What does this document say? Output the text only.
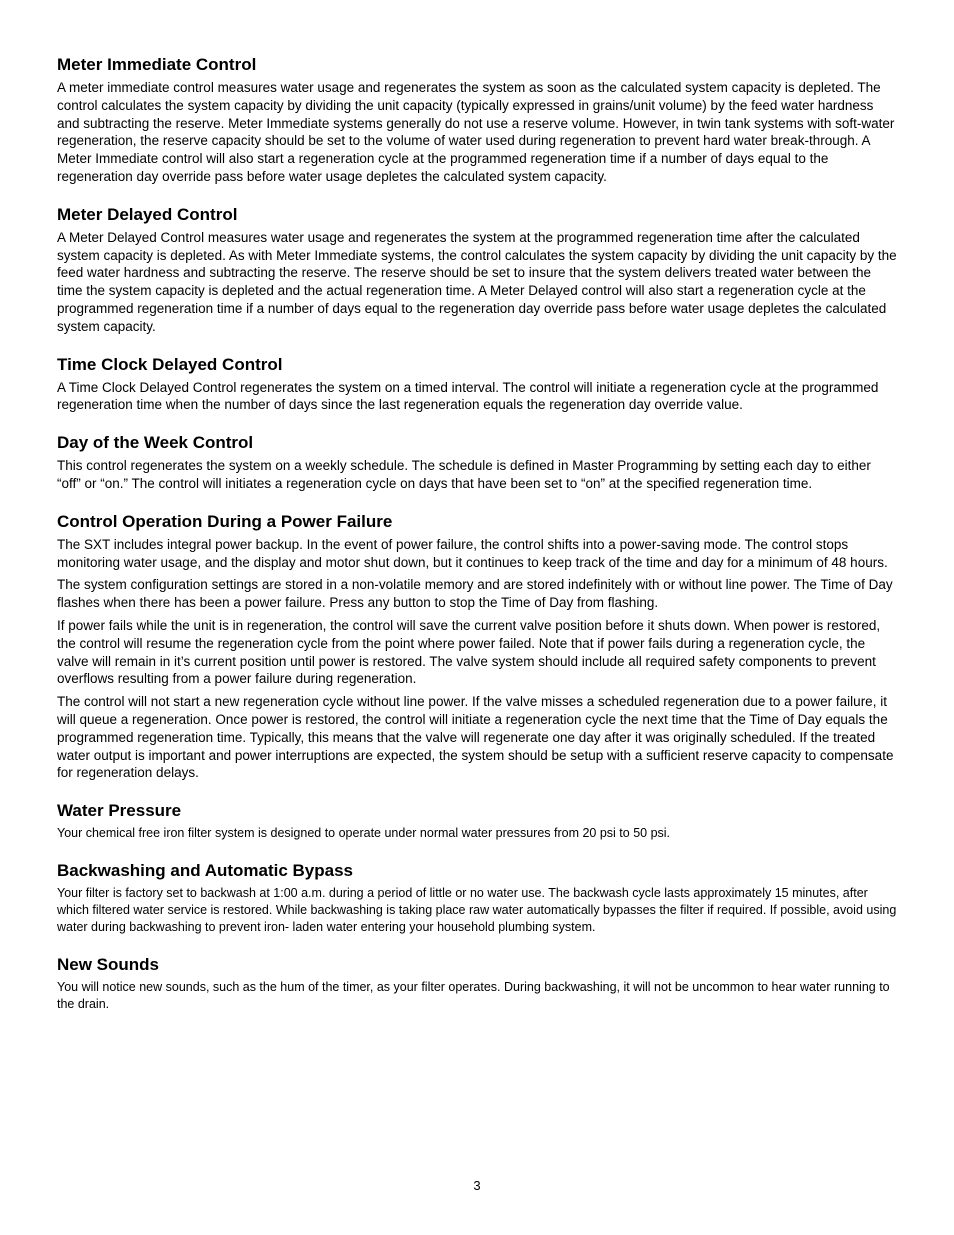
Meter Immediate Control

A meter immediate control measures water usage and regenerates the system as soon as the calculated system capacity is depleted. The control calculates the system capacity by dividing the unit capacity (typically expressed in grains/unit volume) by the feed water hardness and subtracting the reserve. Meter Immediate systems generally do not use a reserve volume. However, in twin tank systems with soft-water regeneration, the reserve capacity should be set to the volume of water used during regeneration to prevent hard water break-through. A Meter Immediate control will also start a regeneration cycle at the programmed regeneration time if a number of days equal to the regeneration day override pass before water usage depletes the calculated system capacity.

Meter Delayed Control

A Meter Delayed Control measures water usage and regenerates the system at the programmed regeneration time after the calculated system capacity is depleted. As with Meter Immediate systems, the control calculates the system capacity by dividing the unit capacity by the feed water hardness and subtracting the reserve. The reserve should be set to insure that the system delivers treated water between the time the system capacity is depleted and the actual regeneration time. A Meter Delayed control will also start a regeneration cycle at the programmed regeneration time if a number of days equal to the regeneration day override pass before water usage depletes the calculated system capacity.

Time Clock Delayed Control

A Time Clock Delayed Control regenerates the system on a timed interval. The control will initiate a regeneration cycle at the programmed regeneration time when the number of days since the last regeneration equals the regeneration day override value.

Day of the Week Control

This control regenerates the system on a weekly schedule. The schedule is defined in Master Programming by setting each day to either “off” or “on.” The control will initiates a regeneration cycle on days that have been set to “on” at the specified regeneration time.

Control Operation During a Power Failure

The SXT includes integral power backup. In the event of power failure, the control shifts into a power-saving mode. The control stops monitoring water usage, and the display and motor shut down, but it continues to keep track of the time and day for a minimum of 48 hours.

The system configuration settings are stored in a non-volatile memory and are stored indefinitely with or without line power. The Time of Day flashes when there has been a power failure. Press any button to stop the Time of Day from flashing.

If power fails while the unit is in regeneration, the control will save the current valve position before it shuts down. When power is restored, the control will resume the regeneration cycle from the point where power failed. Note that if power fails during a regeneration cycle, the valve will remain in it’s current position until power is restored. The valve system should include all required safety components to prevent overflows resulting from a power failure during regeneration.

The control will not start a new regeneration cycle without line power. If the valve misses a scheduled regeneration due to a power failure, it will queue a regeneration. Once power is restored, the control will initiate a regeneration cycle the next time that the Time of Day equals the programmed regeneration time. Typically, this means that the valve will regenerate one day after it was originally scheduled. If the treated water output is important and power interruptions are expected, the system should be setup with a sufficient reserve capacity to compensate for regeneration delays.

Water Pressure

Your chemical free iron filter system is designed to operate under normal water pressures from 20 psi to 50 psi.

Backwashing and Automatic Bypass

Your filter is factory set to backwash at 1:00 a.m. during a period of little or no water use. The backwash cycle lasts approximately 15 minutes, after which filtered water service is restored. While backwashing is taking place raw water automatically bypasses the filter if required. If possible, avoid using water during backwashing to prevent iron- laden water entering your household plumbing system.

New Sounds

You will notice new sounds, such as the hum of the timer, as your filter operates. During backwashing, it will not be uncommon to hear water running to the drain.

3
